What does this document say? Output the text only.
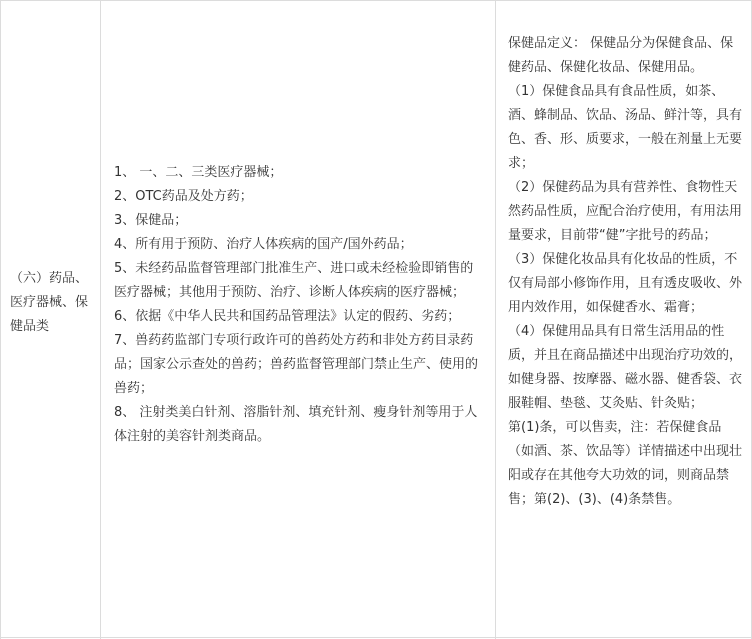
（六）药品、医疗器械、保健品类

1、 一、二、三类医疗器械；

2、OTC药品及处方药；

3、保健品；

4、所有用于预防、治疗人体疾病的国产/国外药品；

5、未经药品监督管理部门批准生产、进口或未经检验即销售的医疗器械；其他用于预防、治疗、诊断人体疾病的医疗器械；

6、依据《中华人民共和国药品管理法》认定的假药、劣药；

7、兽药药监部门专项行政许可的兽药处方药和非处方药目录药品；国家公示查处的兽药；兽药监督管理部门禁止生产、使用的兽药；

8、 注射类美白针剂、溶脂针剂、填充针剂、瘦身针剂等用于人体注射的美容针剂类商品。

保健品定义： 保健品分为保健食品、保健药品、保健化妆品、保健用品。

（1）保健食品具有食品性质，如茶、酒、蜂制品、饮品、汤品、鲜汁等，具有色、香、形、质要求，一般在剂量上无要求；

（2）保健药品为具有营养性、食物性天然药品性质，应配合治疗使用，有用法用量要求，目前带“健”字批号的药品；

（3）保健化妆品具有化妆品的性质，不仅有局部小修饰作用，且有透皮吸收、外用内效作用，如保健香水、霜膏；

（4）保健用品具有日常生活用品的性质，并且在商品描述中出现治疗功效的，如健身器、按摩器、磁水器、健香袋、衣服鞋帽、垫毯、艾灸贴、针灸贴；

第(1)条，可以售卖，注：若保健食品（如酒、茶、饮品等）详情描述中出现壮阳或存在其他夸大功效的词，则商品禁售；第(2)、(3)、(4)条禁售。
